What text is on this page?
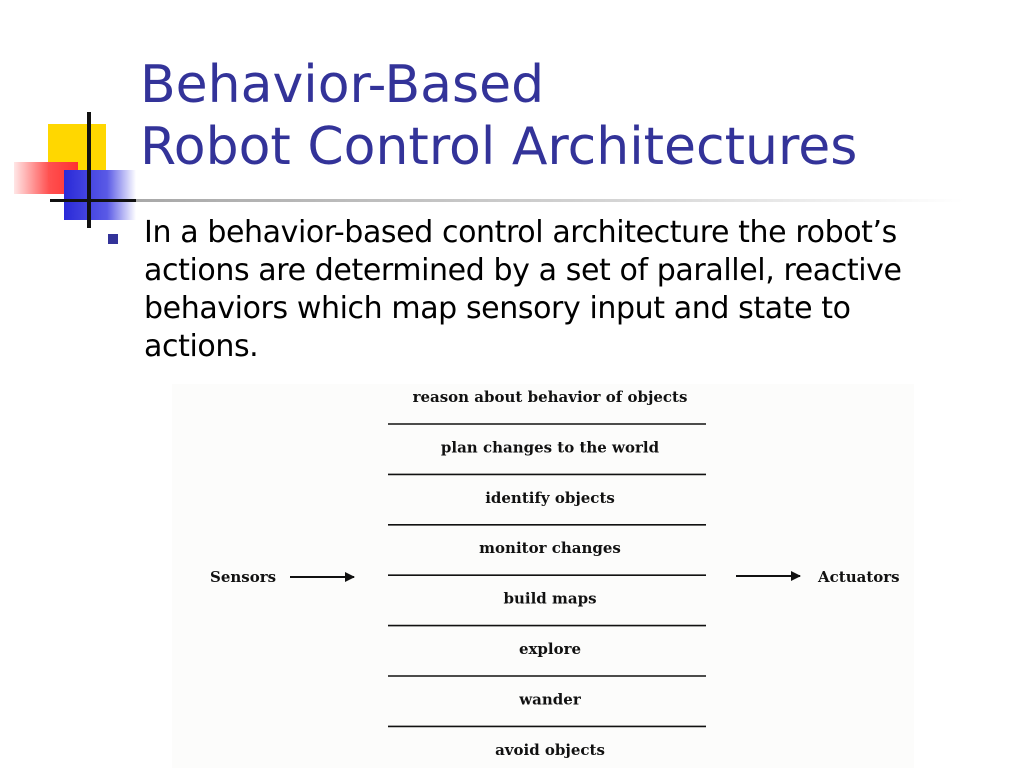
Behavior-Based
Robot Control Architectures

In a behavior-based control architecture the robot’s actions are determined by a set of parallel, reactive behaviors which map sensory input and state to actions.

Sensors	Actuators
reason about behavior of objects
plan changes to the world
identify objects
monitor changes
build maps
explore
wander
avoid objects
